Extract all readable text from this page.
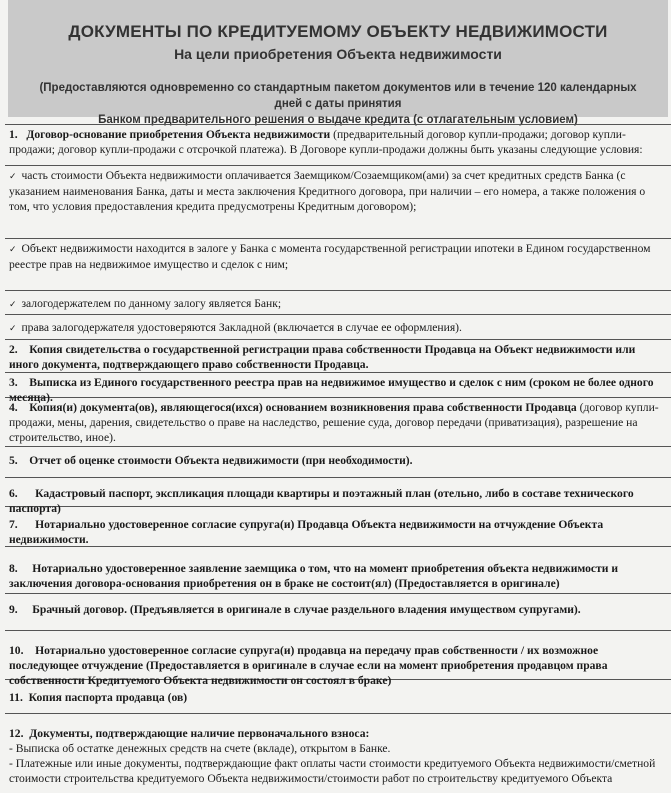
ДОКУМЕНТЫ ПО КРЕДИТУЕМОМУ ОБЪЕКТУ НЕДВИЖИМОСТИ
На цели приобретения Объекта недвижимости
(Предоставляются одновременно со стандартным пакетом документов или в течение 120 календарных дней с даты принятия
Банком предварительного решения о выдаче кредита (с отлагательным условием)
1. Договор-основание приобретения Объекта недвижимости (предварительный договор купли-продажи; договор купли-продажи; договор купли-продажи с отсрочкой платежа). В Договоре купли-продажи должны быть указаны следующие условия:
✓ часть стоимости Объекта недвижимости оплачивается Заемщиком/Созаемщиком(ами) за счет кредитных средств Банка (с указанием наименования Банка, даты и места заключения Кредитного договора, при наличии – его номера, а также положения о том, что условия предоставления кредита предусмотрены Кредитным договором);
✓ Объект недвижимости находится в залоге у Банка с момента государственной регистрации ипотеки в Едином государственном реестре прав на недвижимое имущество и сделок с ним;
✓ залогодержателем по данному залогу является Банк;
✓ права залогодержателя удостоверяются Закладной (включается в случае ее оформления).
2. Копия свидетельства о государственной регистрации права собственности Продавца на Объект недвижимости или иного документа, подтверждающего право собственности Продавца.
3. Выписка из Единого государственного реестра прав на недвижимое имущество и сделок с ним (сроком не более одного месяца).
4. Копия(и) документа(ов), являющегося(ихся) основанием возникновения права собственности Продавца (договор купли-продажи, мены, дарения, свидетельство о праве на наследство, решение суда, договор передачи (приватизация), разрешение на строительство, иное).
5. Отчет об оценке стоимости Объекта недвижимости (при необходимости).
6. Кадастровый паспорт, экспликация площади квартиры и поэтажный план (отельно, либо в составе технического паспорта)
7. Нотариально удостоверенное согласие супруга(и) Продавца Объекта недвижимости на отчуждение Объекта недвижимости.
8. Нотариально удостоверенное заявление заемщика о том, что на момент приобретения объекта недвижимости и заключения договора-основания приобретения он в браке не состоит(ял) (Предоставляется в оригинале)
9. Брачный договор. (Предъявляется в оригинале в случае раздельного владения имуществом супругами).
10. Нотариально удостоверенное согласие супруга(и) продавца на передачу прав собственности / их возможное последующее отчуждение (Предоставляется в оригинале в случае если на момент приобретения продавцом права собственности Кредитуемого Объекта недвижимости он состоял в браке)
11. Копия паспорта продавца (ов)
12. Документы, подтверждающие наличие первоначального взноса:
- Выписка об остатке денежных средств на счете (вкладе), открытом в Банке.
- Платежные или иные документы, подтверждающие факт оплаты части стоимости кредитуемого Объекта недвижимости/сметной стоимости строительства кредитуемого Объекта недвижимости/стоимости работ по строительству кредитуемого Объекта
